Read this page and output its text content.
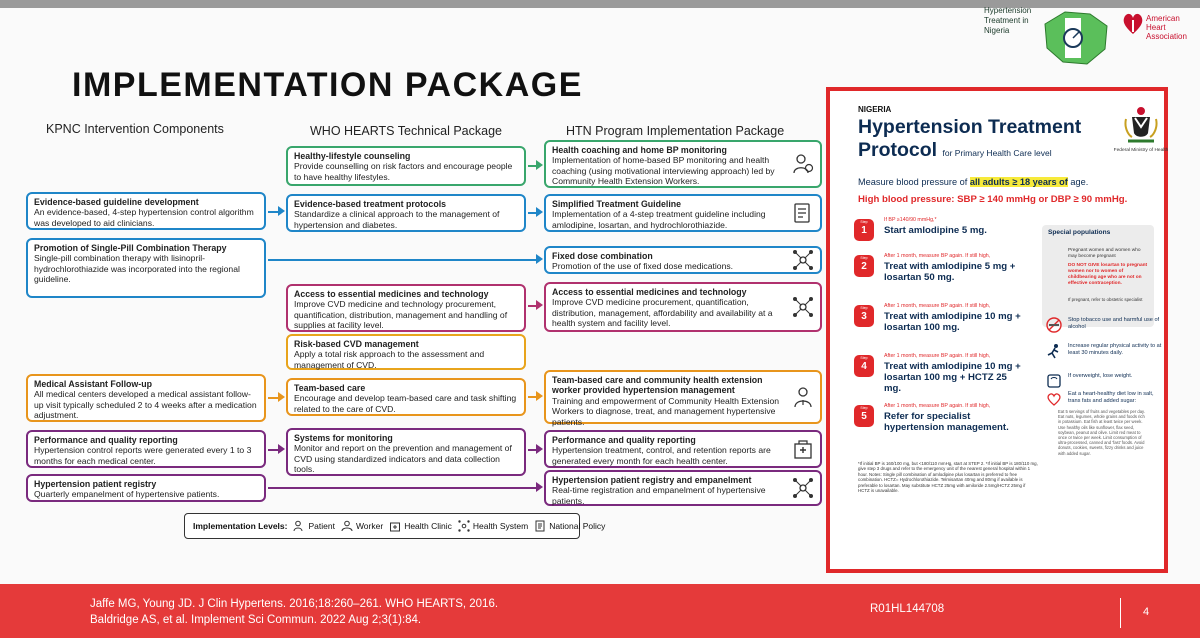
Hypertension Treatment in Nigeria
American Heart Association
IMPLEMENTATION PACKAGE
KPNC Intervention Components	WHO HEARTS Technical Package	HTN Program Implementation Package
Evidence-based guideline development
An evidence-based, 4-step hypertension control algorithm was developed to aid clinicians.
Promotion of Single-Pill Combination Therapy
Single-pill combination therapy with lisinopril-hydrochlorothiazide was incorporated into the regional guideline.
Medical Assistant Follow-up
All medical centers developed a medical assistant follow-up visit typically scheduled 2 to 4 weeks after a medication adjustment.
Performance and quality reporting
Hypertension control reports were generated every 1 to 3 months for each medical center.
Hypertension patient registry
Quarterly empanelment of hypertensive patients.
Healthy-lifestyle counseling
Provide counselling on risk factors and encourage people to have healthy lifestyles.
Evidence-based treatment protocols
Standardize a clinical approach to the management of hypertension and diabetes.
Access to essential medicines and technology
Improve CVD medicine and technology procurement, quantification, distribution, management and handling of supplies at facility level.
Risk-based CVD management
Apply a total risk approach to the assessment and management of CVD.
Team-based care
Encourage and develop team-based care and task shifting related to the care of CVD.
Systems for monitoring
Monitor and report on the prevention and management of CVD using standardized indicators and data collection tools.
Health coaching and home BP monitoring
Implementation of home-based BP monitoring and health coaching (using motivational interviewing approach) led by Community Health Extension Workers.
Simplified Treatment Guideline
Implementation of a 4-step treatment guideline including amlodipine, losartan, and hydrochlorothiazide.
Fixed dose combination
Promotion of the use of fixed dose medications.
Access to essential medicines and technology
Improve CVD medicine procurement, quantification, distribution, management, affordability and availability at a health system and facility level.
Team-based care and community health extension worker provided hypertension management
Training and empowerment of Community Health Extension Workers to diagnose, treat, and management hypertensive patients.
Performance and quality reporting
Hypertension treatment, control, and retention reports are generated every month for each health center.
Hypertension patient registry and empanelment
Real-time registration and empanelment of hypertensive patients.
Implementation Levels: Patient Worker Health Clinic Health System National Policy
NIGERIA
Hypertension Treatment
Protocol for Primary Health Care level	Federal Ministry of Health
Measure blood pressure of all adults ≥ 18 years of age.
High blood pressure: SBP ≥ 140 mmHg or DBP ≥ 90 mmHg.
Step 1
If BP ≥140/90 mmHg,*
Start amlodipine 5 mg.
Step 2
After 1 month, measure BP again. If still high,
Treat with amlodipine 5 mg + losartan 50 mg.
Step 3
After 1 month, measure BP again. If still high,
Treat with amlodipine 10 mg + losartan 100 mg.
Step 4
After 1 month, measure BP again. If still high,
Treat with amlodipine 10 mg + losartan 100 mg + HCTZ 25 mg.
Step 5
After 1 month, measure BP again. If still high,
Refer for specialist hypertension management.
Special populations
Pregnant women and women who may become pregnant
DO NOT GIVE losartan to pregnant women nor to women of childbearing age who are not on effective contraception.
If pregnant, refer to obstetric specialist
Stop tobacco use and harmful use of alcohol
Increase regular physical activity to at least 30 minutes daily.
If overweight, lose weight.
Eat a heart-healthy diet low in salt, trans fats and added sugar:
Eat 5 servings of fruits and vegetables per day. Eat nuts, legumes, whole grains and foods rich in potassium. Eat fish at least twice per week. Use healthy oils like sunflower, flax seed, soybean, peanut and olive. Limit red meat to once or twice per week. Limit consumption of ultra-processed, canned and 'fast' foods. Avoid donuts, cookies, sweets, fizzy drinks and juice with added sugar.
*If initial BP is 160/100 mg, but <180/110 mmHg, start at STEP 2. *If initial BP is 180/110 mg, give step 3 drugs and refer to the emergency unit of the nearest general hospital within 1 hour. Notes: Single pill combination of amlodipine plus losartan is preferred to free combination. HCTZ= Hydrochlorothiazide. Telmisartan 40mg and 80mg if available is preferable to losartan. May substitute HCTZ 25mg with amiloride 2.5mg/HCTZ 25mg if HCTZ is unavailable.
Jaffe MG, Young JD. J Clin Hypertens. 2016;18:260–261. WHO HEARTS, 2016.
Baldridge AS, et al. Implement Sci Commun. 2022 Aug 2;3(1):84.
R01HL144708	4
